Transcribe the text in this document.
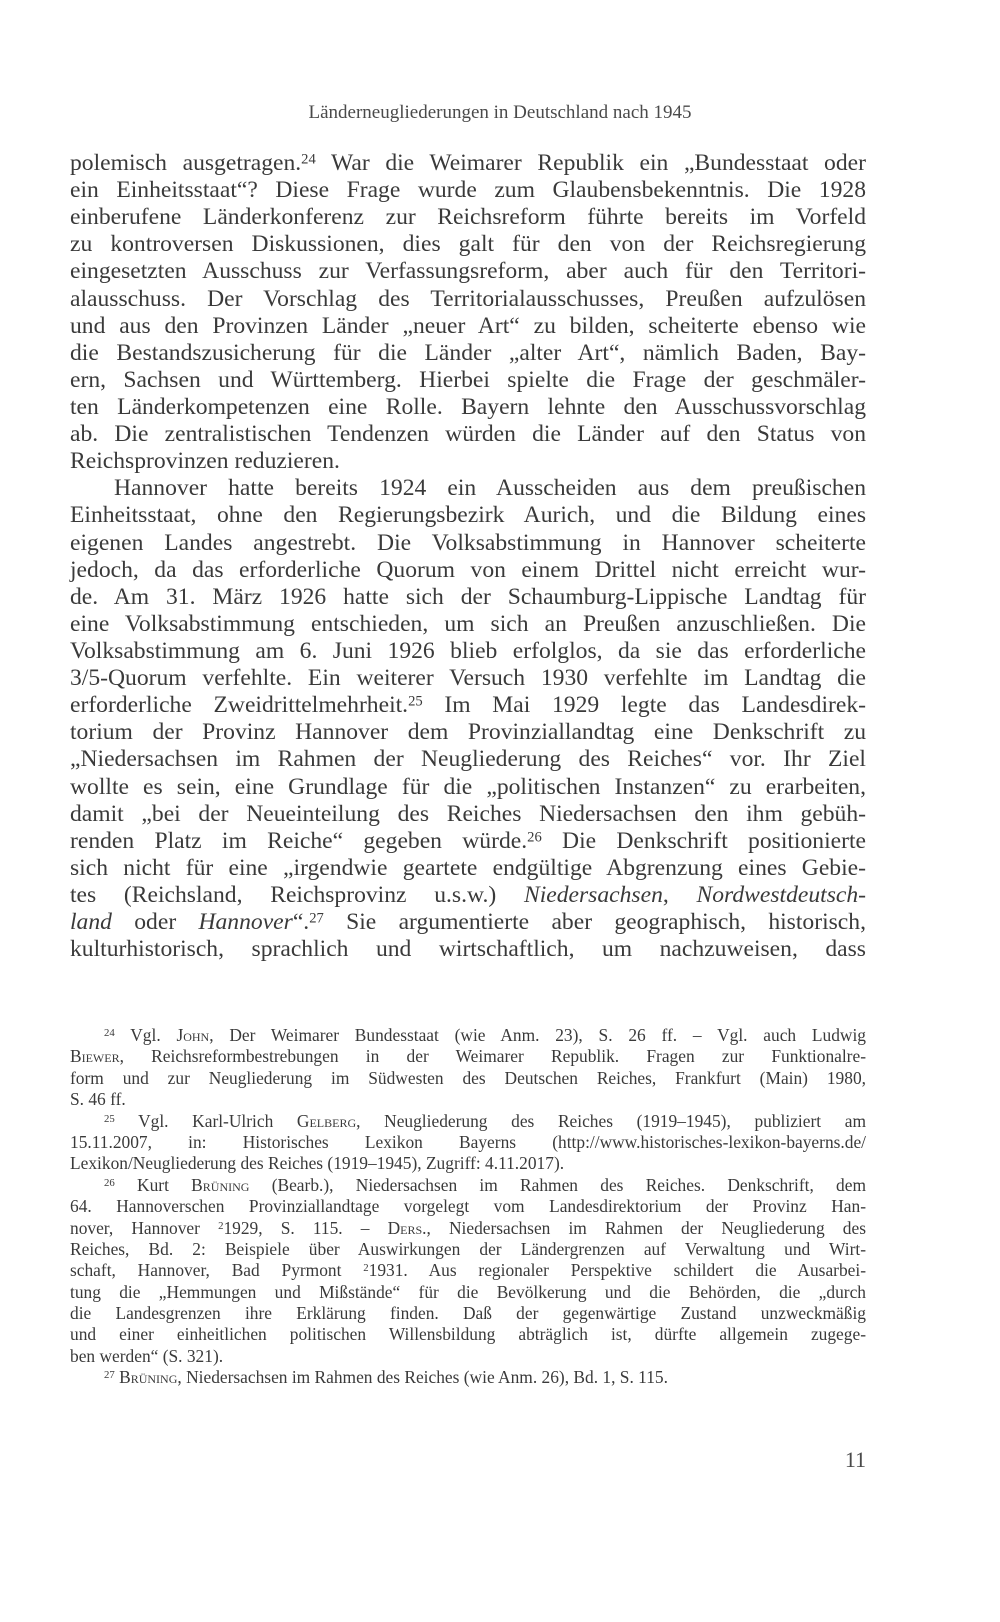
Länderneugliederungen in Deutschland nach 1945
polemisch ausgetragen.$^{24}$ War die Weimarer Republik ein „Bundesstaat oder
ein Einheitsstaat“? Diese Frage wurde zum Glaubensbekenntnis. Die 1928
einberufene Länderkonferenz zur Reichsreform führte bereits im Vorfeld
zu kontroversen Diskussionen, dies galt für den von der Reichsregierung
eingesetzten Ausschuss zur Verfassungsreform, aber auch für den Territori-
alausschuss. Der Vorschlag des Territorialausschusses, Preußen aufzulösen
und aus den Provinzen Länder „neuer Art“ zu bilden, scheiterte ebenso wie
die Bestandszusicherung für die Länder „alter Art“, nämlich Baden, Bay-
ern, Sachsen und Württemberg. Hierbei spielte die Frage der geschmäler-
ten Länderkompetenzen eine Rolle. Bayern lehnte den Ausschussvorschlag
ab. Die zentralistischen Tendenzen würden die Länder auf den Status von
Reichsprovinzen reduzieren.
Hannover hatte bereits 1924 ein Ausscheiden aus dem preußischen
Einheitsstaat, ohne den Regierungsbezirk Aurich, und die Bildung eines
eigenen Landes angestrebt. Die Volksabstimmung in Hannover scheiterte
jedoch, da das erforderliche Quorum von einem Drittel nicht erreicht wur-
de. Am 31. März 1926 hatte sich der Schaumburg-Lippische Landtag für
eine Volksabstimmung entschieden, um sich an Preußen anzuschließen. Die
Volksabstimmung am 6. Juni 1926 blieb erfolglos, da sie das erforderliche
3/5-Quorum verfehlte. Ein weiterer Versuch 1930 verfehlte im Landtag die
erforderliche Zweidrittelmehrheit.$^{25}$ Im Mai 1929 legte das Landesdirek-
torium der Provinz Hannover dem Provinziallandtag eine Denkschrift zu
„Niedersachsen im Rahmen der Neugliederung des Reiches“ vor. Ihr Ziel
wollte es sein, eine Grundlage für die „politischen Instanzen“ zu erarbeiten,
damit „bei der Neueinteilung des Reiches Niedersachsen den ihm gebüh-
renden Platz im Reiche“ gegeben würde.$^{26}$ Die Denkschrift positionierte
sich nicht für eine „irgendwie geartete endgültige Abgrenzung eines Gebie-
tes (Reichsland, Reichsprovinz u.s.w.) Niedersachsen, Nordwestdeutsch-
land oder Hannover“.$^{27}$ Sie argumentierte aber geographisch, historisch,
kulturhistorisch, sprachlich und wirtschaftlich, um nachzuweisen, dass
$^{24}$ Vgl. John, Der Weimarer Bundesstaat (wie Anm. 23), S. 26 ff. – Vgl. auch Ludwig
Biewer, Reichsreformbestrebungen in der Weimarer Republik. Fragen zur Funktionalre-
form und zur Neugliederung im Südwesten des Deutschen Reiches, Frankfurt (Main) 1980,
S. 46 ff.
$^{25}$ Vgl. Karl-Ulrich Gelberg, Neugliederung des Reiches (1919–1945), publiziert am
15.11.2007, in: Historisches Lexikon Bayerns (http://www.historisches-lexikon-bayerns.de/
Lexikon/Neugliederung des Reiches (1919–1945), Zugriff: 4.11.2017).
$^{26}$ Kurt Brüning (Bearb.), Niedersachsen im Rahmen des Reiches. Denkschrift, dem
64. Hannoverschen Provinziallandtage vorgelegt vom Landesdirektorium der Provinz Han-
nover, Hannover $^2$1929, S. 115. – Ders., Niedersachsen im Rahmen der Neugliederung des
Reiches, Bd. 2: Beispiele über Auswirkungen der Ländergrenzen auf Verwaltung und Wirt-
schaft, Hannover, Bad Pyrmont $^2$1931. Aus regionaler Perspektive schildert die Ausarbei-
tung die „Hemmungen und Mißstände“ für die Bevölkerung und die Behörden, die „durch
die Landesgrenzen ihre Erklärung finden. Daß der gegenwärtige Zustand unzweckmäßig
und einer einheitlichen politischen Willensbildung abträglich ist, dürfte allgemein zugege-
ben werden“ (S. 321).
$^{27}$ Brüning, Niedersachsen im Rahmen des Reiches (wie Anm. 26), Bd. 1, S. 115.
11
